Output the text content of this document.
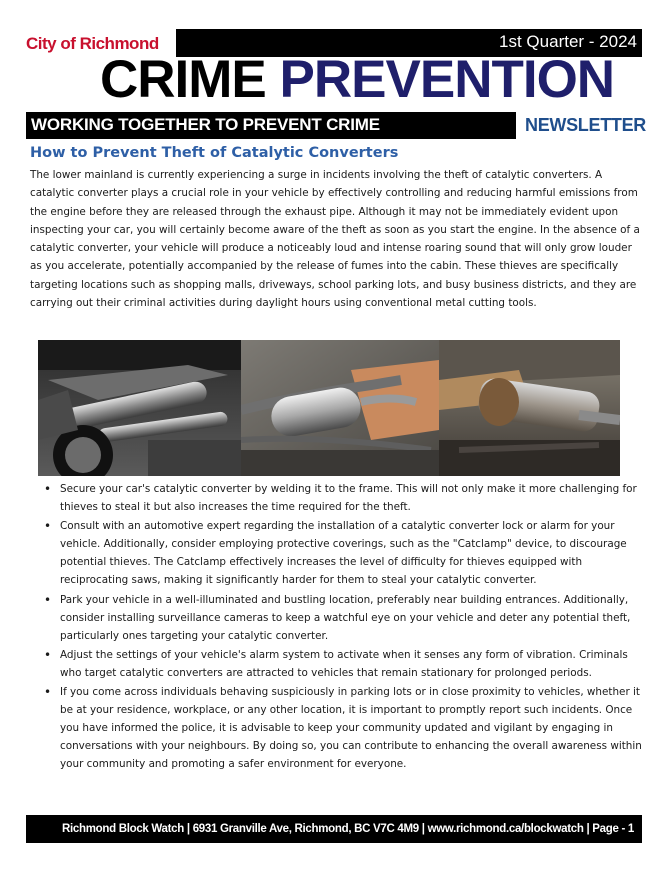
City of Richmond	1st Quarter - 2024
CRIME PREVENTION
WORKING TOGETHER TO PREVENT CRIME	NEWSLETTER
How to Prevent Theft of Catalytic Converters

The lower mainland is currently experiencing a surge in incidents involving the theft of catalytic converters. A catalytic converter plays a crucial role in your vehicle by effectively controlling and reducing harmful emissions from the engine before they are released through the exhaust pipe. Although it may not be immediately evident upon inspecting your car, you will certainly become aware of the theft as soon as you start the engine. In the absence of a catalytic converter, your vehicle will produce a noticeably loud and intense roaring sound that will only grow louder as you accelerate, potentially accompanied by the release of fumes into the cabin. These thieves are specifically targeting locations such as shopping malls, driveways, school parking lots, and busy business districts, and they are carrying out their criminal activities during daylight hours using conventional metal cutting tools.

• Secure your car's catalytic converter by welding it to the frame. This will not only make it more challenging for thieves to steal it but also increases the time required for the theft.
• Consult with an automotive expert regarding the installation of a catalytic converter lock or alarm for your vehicle. Additionally, consider employing protective coverings, such as the "Catclamp" device, to discourage potential thieves. The Catclamp effectively increases the level of difficulty for thieves equipped with reciprocating saws, making it significantly harder for them to steal your catalytic converter.
• Park your vehicle in a well-illuminated and bustling location, preferably near building entrances. Additionally, consider installing surveillance cameras to keep a watchful eye on your vehicle and deter any potential theft, particularly ones targeting your catalytic converter.
• Adjust the settings of your vehicle's alarm system to activate when it senses any form of vibration. Criminals who target catalytic converters are attracted to vehicles that remain stationary for prolonged periods.
• If you come across individuals behaving suspiciously in parking lots or in close proximity to vehicles, whether it be at your residence, workplace, or any other location, it is important to promptly report such incidents. Once you have informed the police, it is advisable to keep your community updated and vigilant by engaging in conversations with your neighbours. By doing so, you can contribute to enhancing the overall awareness within your community and promoting a safer environment for everyone.
Richmond Block Watch | 6931 Granville Ave, Richmond, BC V7C 4M9 | www.richmond.ca/blockwatch | Page - 1
